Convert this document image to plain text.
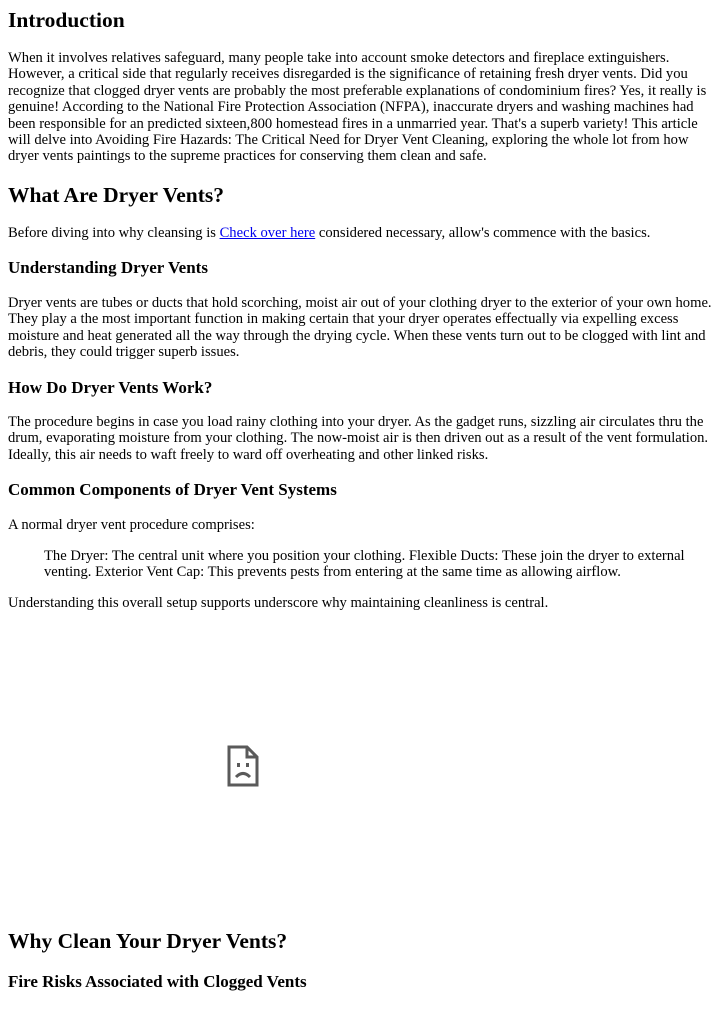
Introduction

When it involves relatives safeguard, many people take into account smoke detectors and fireplace extinguishers. However, a critical side that regularly receives disregarded is the significance of retaining fresh dryer vents. Did you recognize that clogged dryer vents are probably the most preferable explanations of condominium fires? Yes, it really is genuine! According to the National Fire Protection Association (NFPA), inaccurate dryers and washing machines had been responsible for an predicted sixteen,800 homestead fires in a unmarried year. That's a superb variety! This article will delve into Avoiding Fire Hazards: The Critical Need for Dryer Vent Cleaning, exploring the whole lot from how dryer vents paintings to the supreme practices for conserving them clean and safe.

What Are Dryer Vents?

Before diving into why cleansing is Check over here considered necessary, allow's commence with the basics.

Understanding Dryer Vents

Dryer vents are tubes or ducts that hold scorching, moist air out of your clothing dryer to the exterior of your own home. They play a the most important function in making certain that your dryer operates effectually via expelling excess moisture and heat generated all the way through the drying cycle. When these vents turn out to be clogged with lint and debris, they could trigger superb issues.

How Do Dryer Vents Work?

The procedure begins in case you load rainy clothing into your dryer. As the gadget runs, sizzling air circulates thru the drum, evaporating moisture from your clothing. The now-moist air is then driven out as a result of the vent formulation. Ideally, this air needs to waft freely to ward off overheating and other linked risks.

Common Components of Dryer Vent Systems

A normal dryer vent procedure comprises:

The Dryer: The central unit where you position your clothing. Flexible Ducts: These join the dryer to external venting. Exterior Vent Cap: This prevents pests from entering at the same time as allowing airflow.

Understanding this overall setup supports underscore why maintaining cleanliness is central.

Why Clean Your Dryer Vents?
Fire Risks Associated with Clogged Vents
